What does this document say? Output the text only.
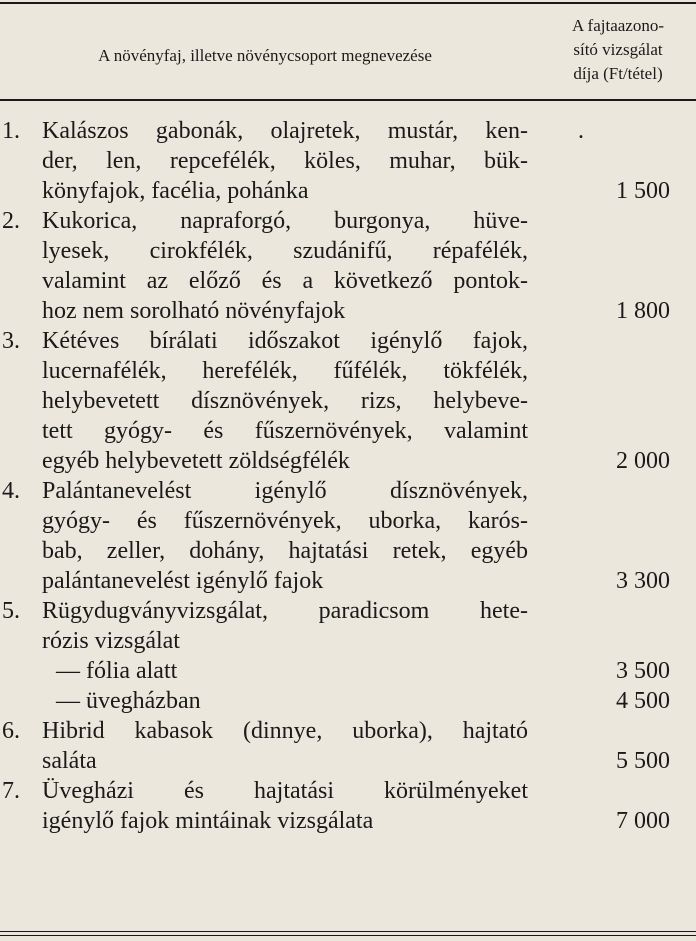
A növényfaj, illetve növénycsoport megnevezése
A fajtaazono-
sító vizsgálat
díja (Ft/tétel)
1. Kalászos gabonák, olajretek, mustár, ken- .
der, len, repcefélék, köles, muhar, bük-
könyfajok, facélia, pohánka	1 500
2. Kukorica, napraforgó, burgonya, hüve-
lyesek, cirokfélék, szudánifű, répafélék,
valamint az előző és a következő pontok-
hoz nem sorolható növényfajok	1 800
3. Kétéves bírálati időszakot igénylő fajok,
lucernafélék, herefélék, fűfélék, tökfélék,
helybevetett dísznövények, rizs, helybeve-
tett gyógy- és fűszernövények, valamint
egyéb helybevetett zöldségfélék	2 000
4. Palántanevelést igénylő dísznövények,
gyógy- és fűszernövények, uborka, karós-
bab, zeller, dohány, hajtatási retek, egyéb
palántanevelést igénylő fajok	3 300
5. Rügydugványvizsgálat, paradicsom hete-
rózis vizsgálat
— fólia alatt	3 500
— üvegházban	4 500
6. Hibrid kabasok (dinnye, uborka), hajtató
saláta	5 500
7. Üvegházi és hajtatási körülményeket
igénylő fajok mintáinak vizsgálata	7 000
